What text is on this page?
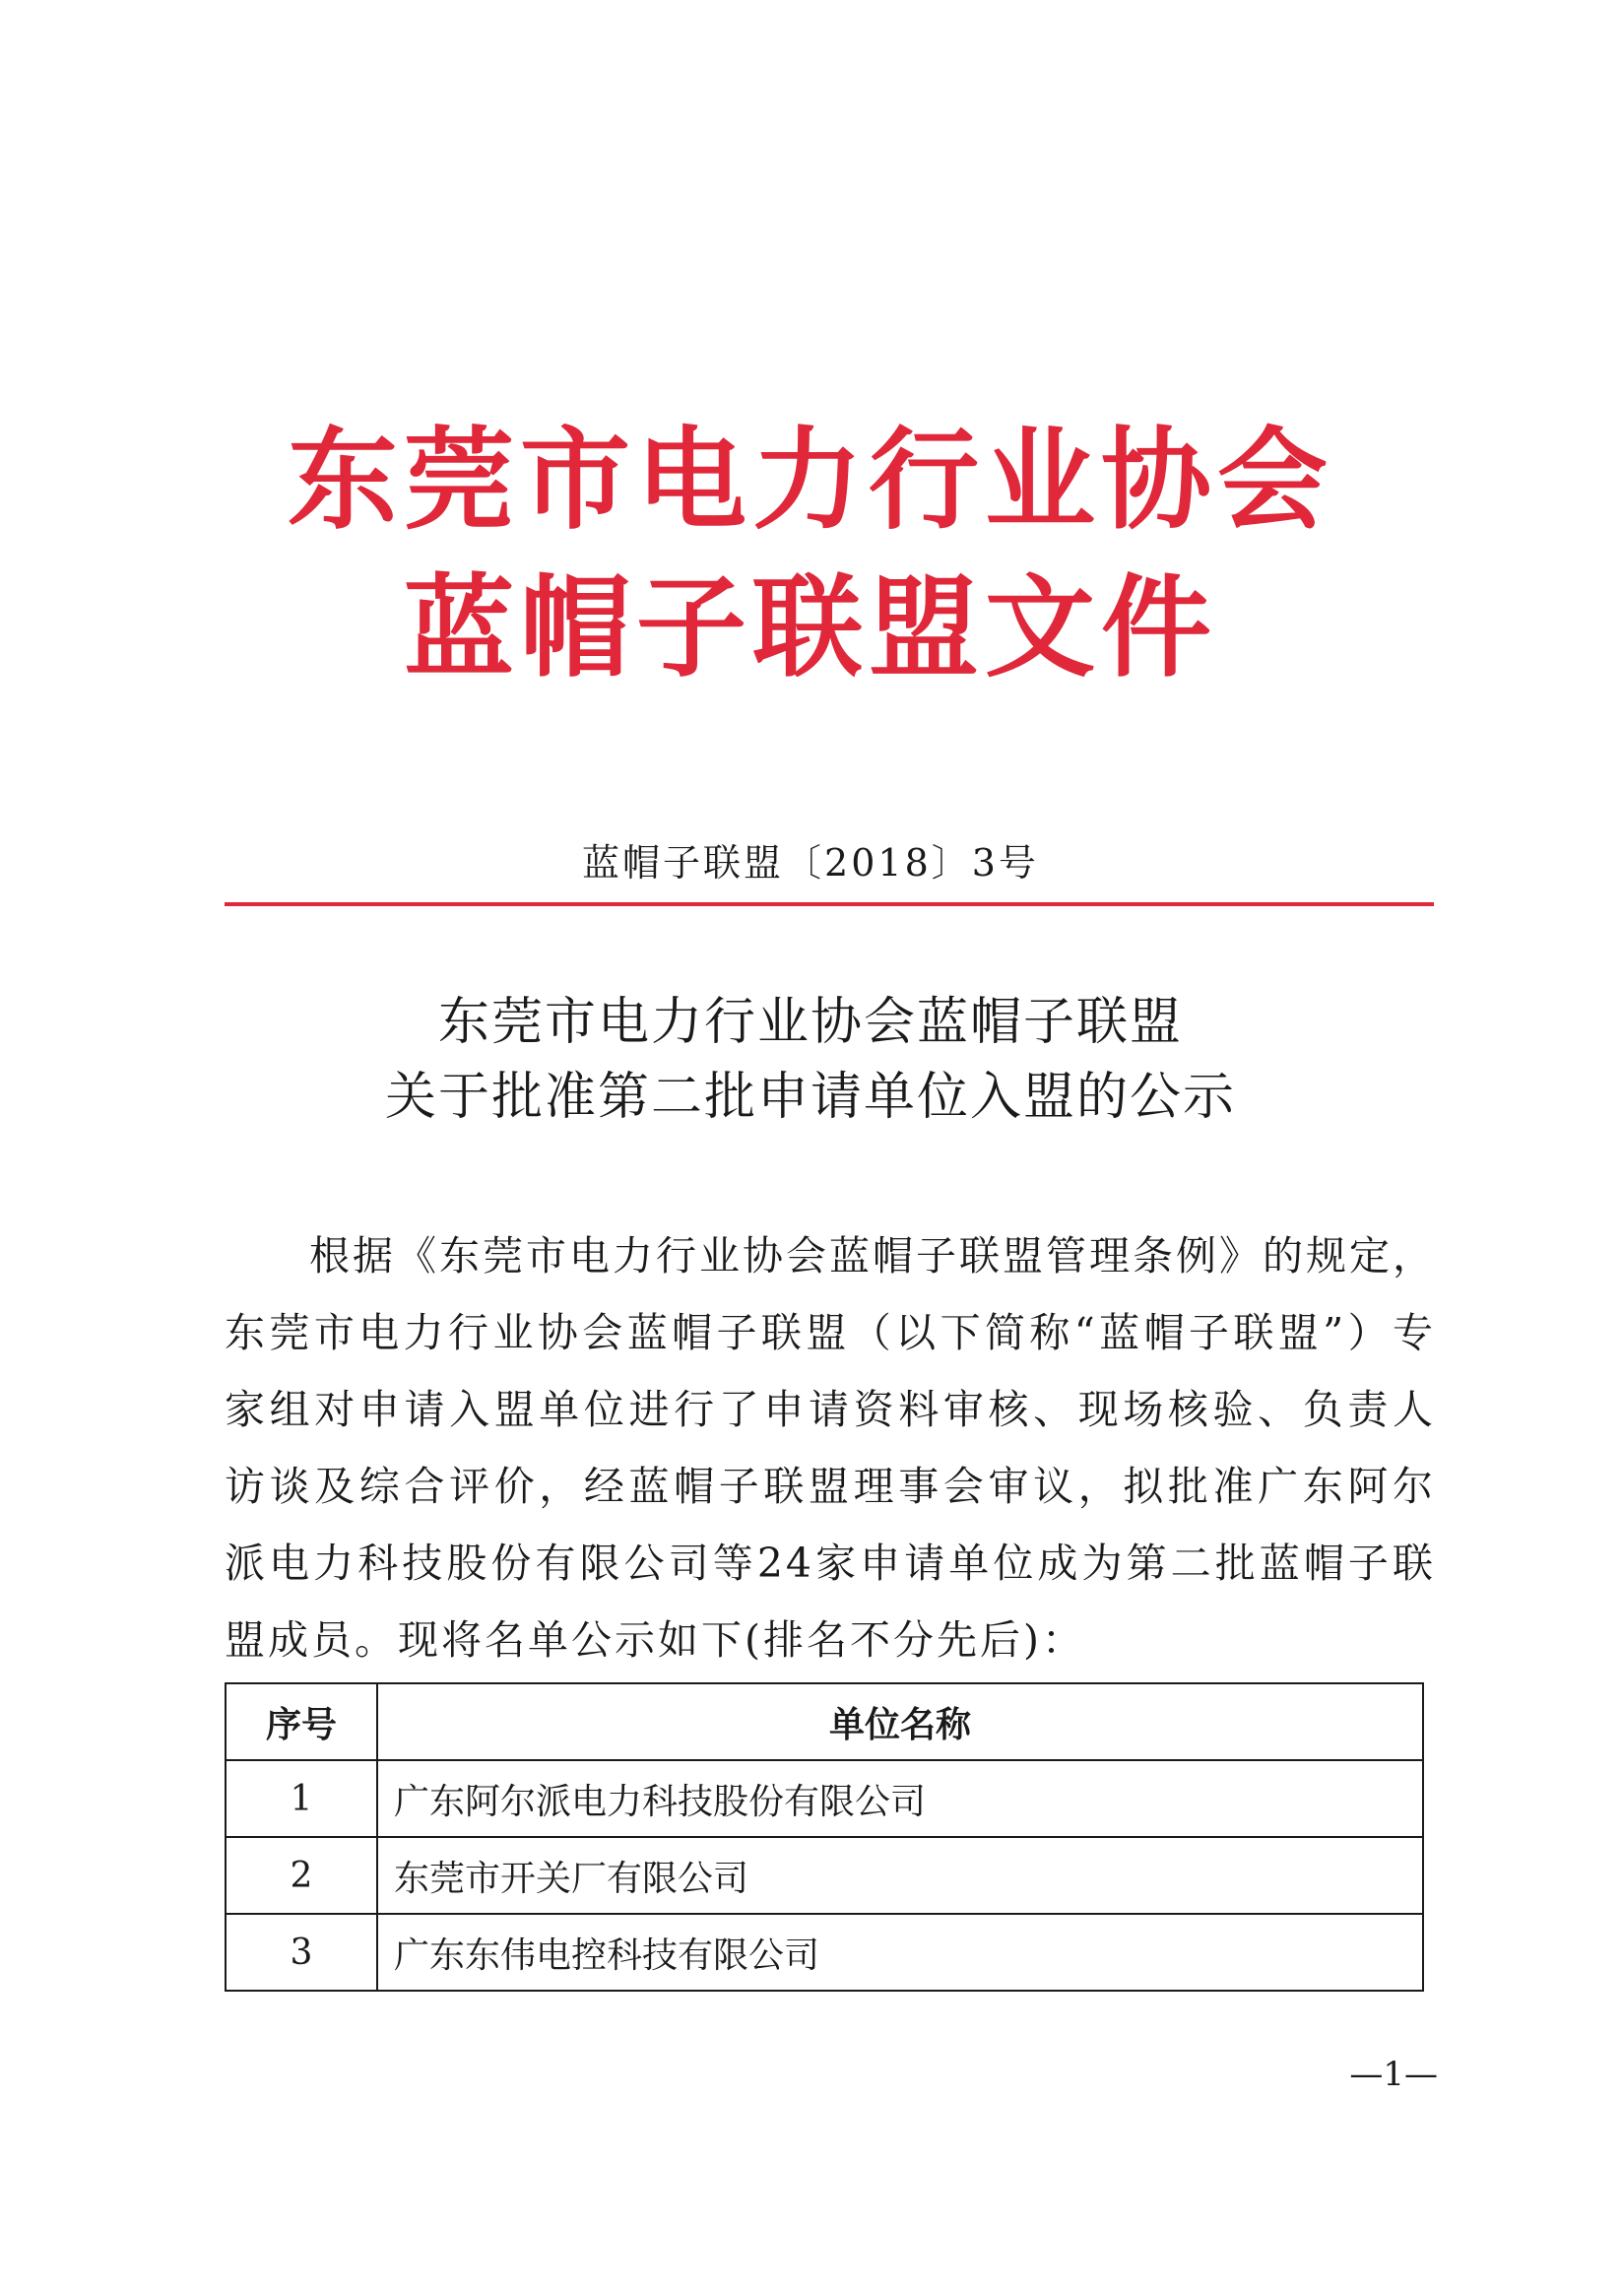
东莞市电力行业协会
蓝帽子联盟文件
蓝帽子联盟〔2018〕3号
东莞市电力行业协会蓝帽子联盟
关于批准第二批申请单位入盟的公示

根据《东莞市电力行业协会蓝帽子联盟管理条例》的规定，东莞市电力行业协会蓝帽子联盟（以下简称“蓝帽子联盟”）专家组对申请入盟单位进行了申请资料审核、现场核验、负责人访谈及综合评价，经蓝帽子联盟理事会审议，拟批准广东阿尔派电力科技股份有限公司等24家申请单位成为第二批蓝帽子联盟成员。现将名单公示如下(排名不分先后)：

序号	单位名称
1	广东阿尔派电力科技股份有限公司
2	东莞市开关厂有限公司
3	广东东伟电控科技有限公司
—1—
